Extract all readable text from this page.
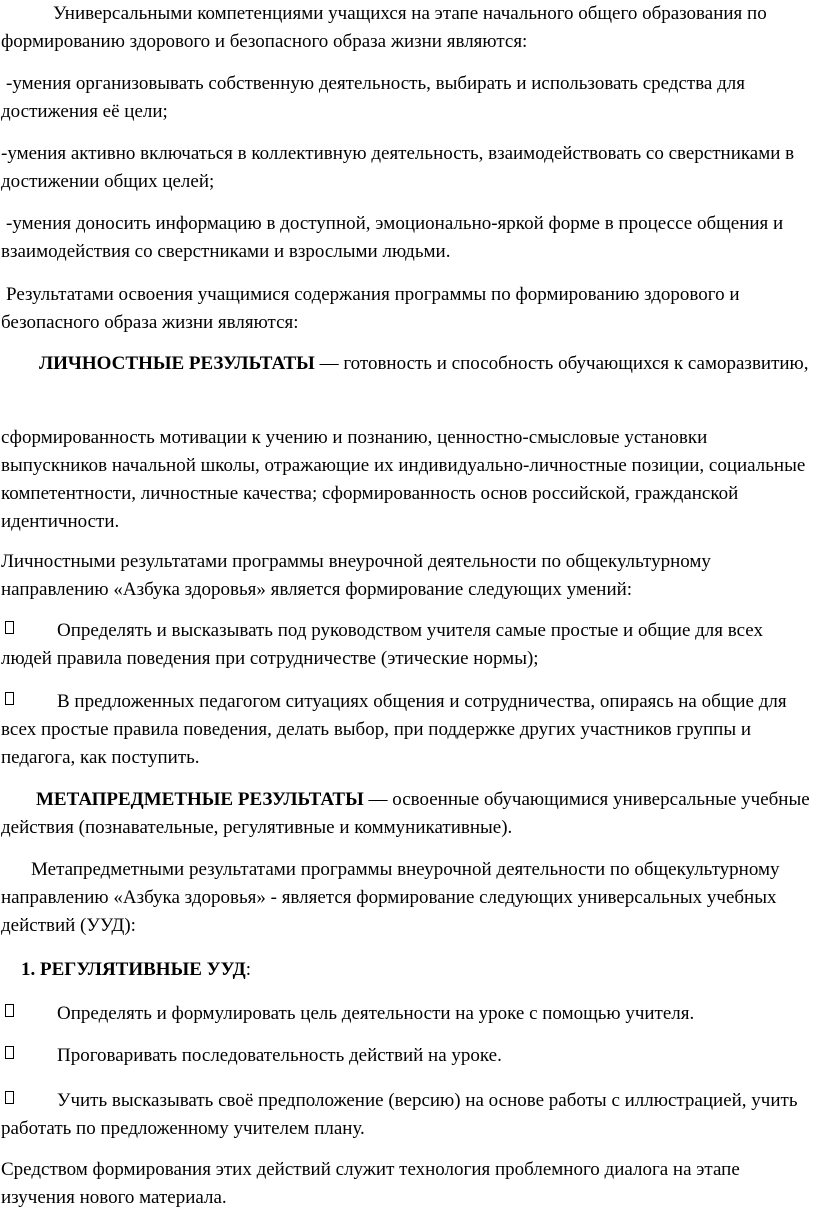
Универсальными компетенциями учащихся на этапе начального общего образования по формированию здорового и безопасного образа жизни являются:

-умения организовывать собственную деятельность, выбирать и использовать средства для достижения её цели;

-умения активно включаться в коллективную деятельность, взаимодействовать со сверстниками в достижении общих целей;

-умения доносить информацию в доступной, эмоционально-яркой форме в процессе общения и взаимодействия со сверстниками и взрослыми людьми.

Результатами освоения учащимися содержания программы по формированию здорового и безопасного образа жизни являются:

ЛИЧНОСТНЫЕ РЕЗУЛЬТАТЫ — готовность и способность обучающихся к саморазвитию,

сформированность мотивации к учению и познанию, ценностно-смысловые установки выпускников начальной школы, отражающие их индивидуально-личностные позиции, социальные компетентности, личностные качества; сформированность основ российской, гражданской идентичности.

Личностными результатами программы внеурочной деятельности по общекультурному направлению «Азбука здоровья» является формирование следующих умений:

Определять и высказывать под руководством учителя самые простые и общие для всех людей правила поведения при сотрудничестве (этические нормы);
В предложенных педагогом ситуациях общения и сотрудничества, опираясь на общие для всех простые правила поведения, делать выбор, при поддержке других участников группы и педагога, как поступить.

МЕТАПРЕДМЕТНЫЕ РЕЗУЛЬТАТЫ — освоенные обучающимися универсальные учебные действия (познавательные, регулятивные и коммуникативные).

Метапредметными результатами программы внеурочной деятельности по общекультурному направлению «Азбука здоровья» - является формирование следующих универсальных учебных действий (УУД):

1. РЕГУЛЯТИВНЫЕ УУД:

Определять и формулировать цель деятельности на уроке с помощью учителя.
Проговаривать последовательность действий на уроке.
Учить высказывать своё предположение (версию) на основе работы с иллюстрацией, учить работать по предложенному учителем плану.

Средством формирования этих действий служит технология проблемного диалога на этапе изучения нового материала.
